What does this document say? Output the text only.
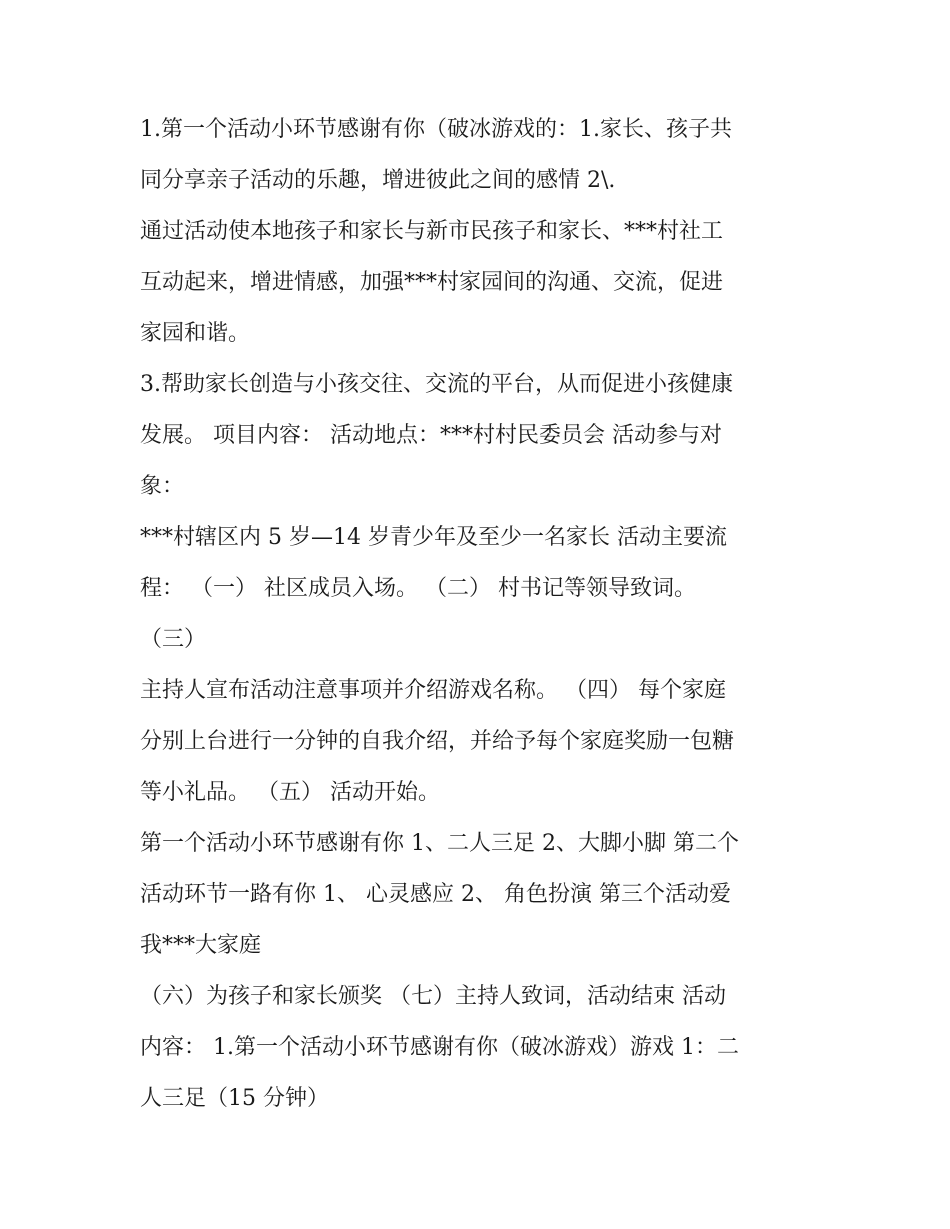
1.第一个活动小环节感谢有你（破冰游戏的：1.家长、孩子共
同分享亲子活动的乐趣，增进彼此之间的感情 2\.
通过活动使本地孩子和家长与新市民孩子和家长、***村社工
互动起来，增进情感，加强***村家园间的沟通、交流，促进
家园和谐。
3.帮助家长创造与小孩交往、交流的平台，从而促进小孩健康
发展。 项目内容： 活动地点：***村村民委员会 活动参与对
象：
***村辖区内 5 岁—14 岁青少年及至少一名家长 活动主要流
程： （一） 社区成员入场。 （二） 村书记等领导致词。
（三）
主持人宣布活动注意事项并介绍游戏名称。 （四） 每个家庭
分别上台进行一分钟的自我介绍，并给予每个家庭奖励一包糖
等小礼品。 （五） 活动开始。
第一个活动小环节感谢有你 1、二人三足 2、大脚小脚 第二个
活动环节一路有你 1、 心灵感应 2、 角色扮演 第三个活动爱
我***大家庭
（六）为孩子和家长颁奖 （七）主持人致词，活动结束 活动
内容： 1.第一个活动小环节感谢有你（破冰游戏）游戏 1：二
人三足（15 分钟）
